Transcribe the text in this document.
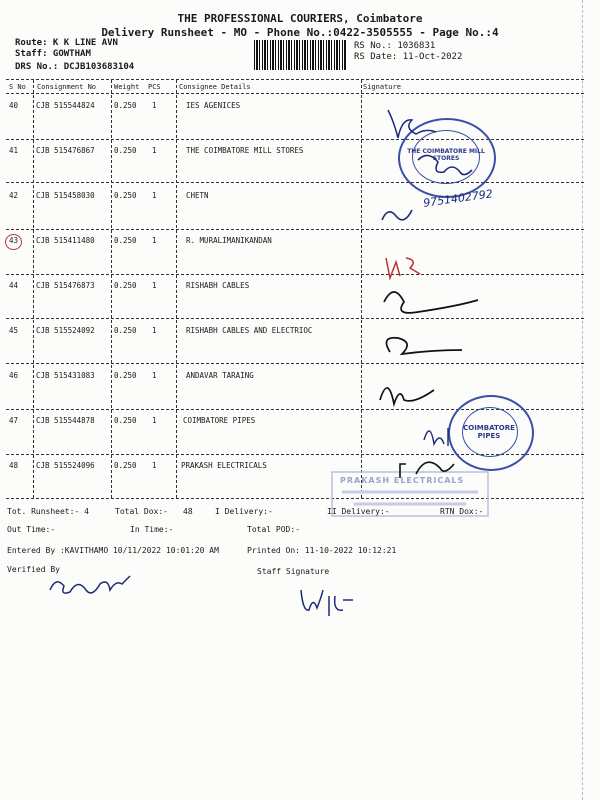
THE PROFESSIONAL COURIERS, Coimbatore
Delivery Runsheet - MO - Phone No.:0422-3505555 - Page No.:4
Route: K K LINE AVN
Staff: GOWTHAM
DRS No.: DCJB103683104
RS No.: 1036831
RS Date: 11-Oct-2022
S No Consignment No	Weight PCS	Consignee Details	Signature
40 CJB 515544824	0.250 1	IES AGENICES
41 CJB 515476867	0.250 1	THE COIMBATORE MILL STORES
42 CJB 515458030	0.250 1	CHETN
43 CJB 515411480	0.250 1	R. MURALIMANIKANDAN
44 CJB 515476873	0.250 1	RISHABH CABLES
45 CJB 515524092	0.250 1	RISHABH CABLES AND ELECTRIOC
46 CJB 515431083	0.250 1	ANDAVAR TARAING
47 CJB 515544878	0.250 1	COIMBATORE PIPES
48 CJB 515524096	0.250 1	PRAKASH ELECTRICALS
9751402792
THE COIMBATORE MILL STORES
COIMBATORE PIPES
PRAKASH ELECTRICALS
Tot. Runsheet:- 4	Total Dox:- 48	I Delivery:-	II Delivery:-	RTN Dox:-
Out Time:-	In Time:-	Total POD:-
Entered By :KAVITHAMO 10/11/2022 10:01:20 AM	Printed On: 11-10-2022 10:12:21
Verified By	Staff Signature
